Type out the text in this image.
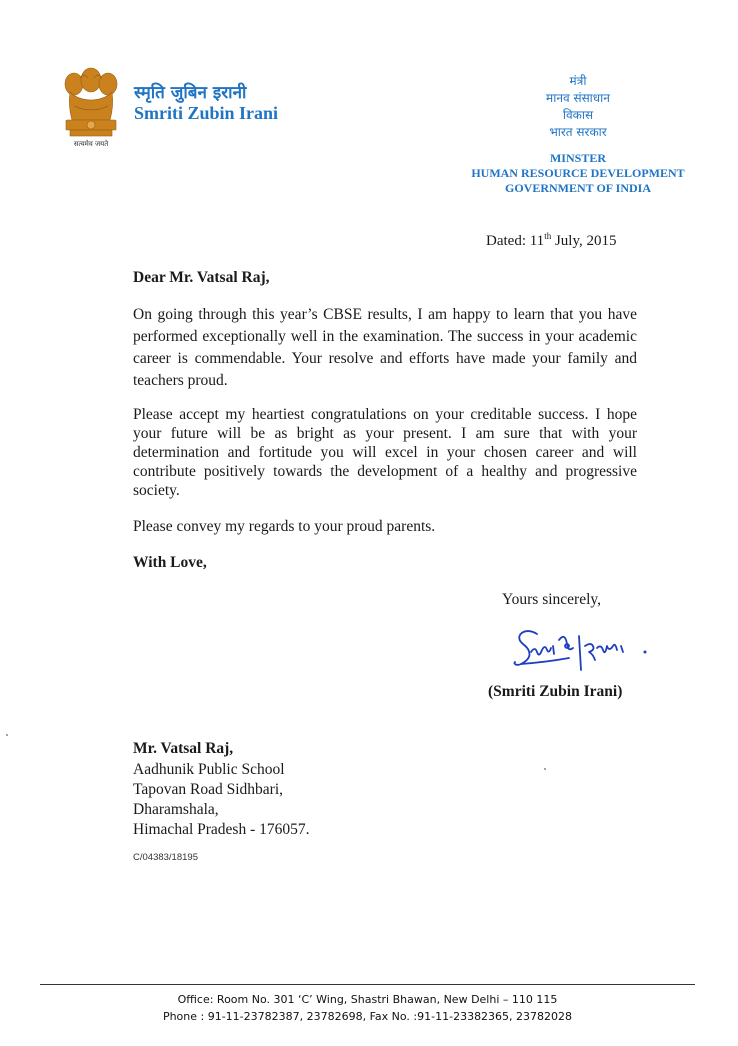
सत्यमेव जयते
स्मृति जुबिन इरानी
Smriti Zubin Irani
मंत्री
मानव संसाधान
विकास
भारत सरकार
MINSTER
HUMAN RESOURCE DEVELOPMENT
GOVERNMENT OF INDIA
Dated: 11th July, 2015
Dear Mr. Vatsal Raj,
On going through this year’s CBSE results, I am happy to learn that you have performed exceptionally well in the examination. The success in your academic career is commendable. Your resolve and efforts have made your family and teachers proud.
Please accept my heartiest congratulations on your creditable success. I hope your future will be as bright as your present. I am sure that with your determination and fortitude you will excel in your chosen career and will contribute positively towards the development of a healthy and progressive society.
Please convey my regards to your proud parents.
With Love,
Yours sincerely,
(Smriti Zubin Irani)
Mr. Vatsal Raj,
Aadhunik Public School
Tapovan Road Sidhbari,
Dharamshala,
Himachal Pradesh - 176057.
C/04383/18195
Office: Room No. 301 ‘C’ Wing, Shastri Bhawan, New Delhi – 110 115
Phone : 91-11-23782387, 23782698, Fax No. :91-11-23382365, 23782028
